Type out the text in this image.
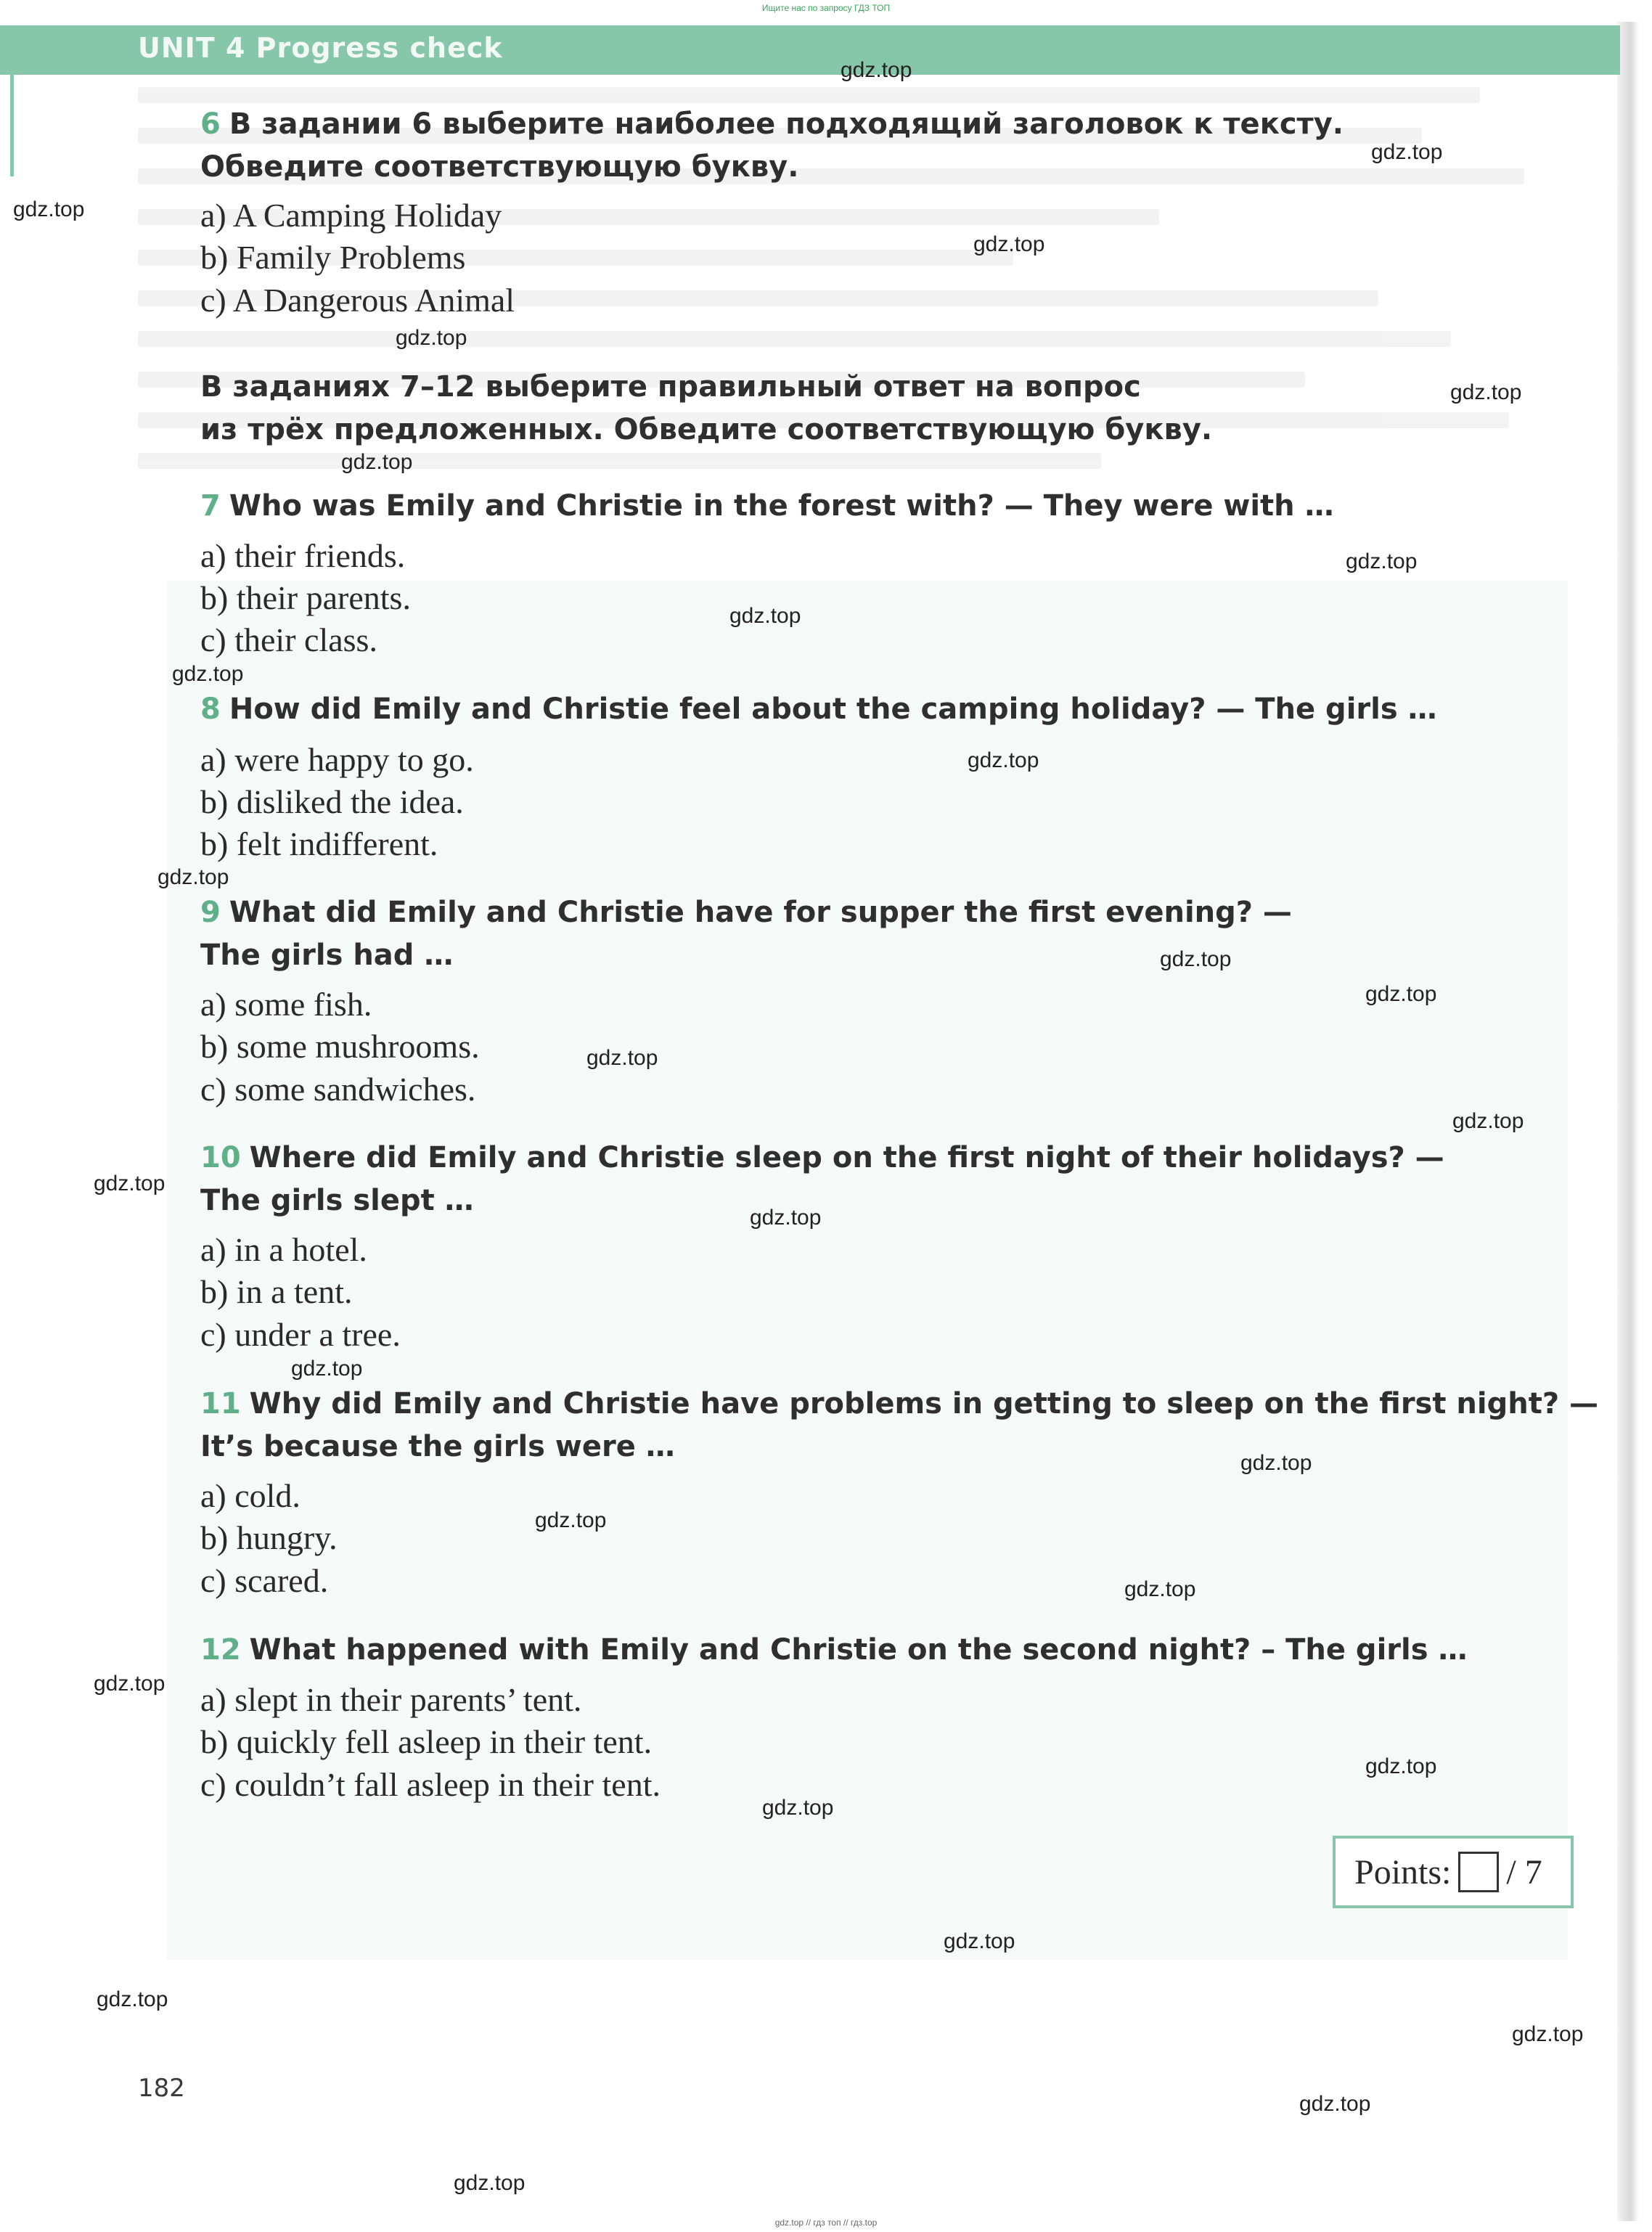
Ищите нас по запросу ГДЗ ТОП
UNIT 4 Progress check
6 В задании 6 выберите наиболее подходящий заголовок к тексту.
Обведите соответствующую букву.
a) A Camping Holiday
b) Family Problems
c) A Dangerous Animal
В заданиях 7–12 выберите правильный ответ на вопрос
из трёх предложенных. Обведите соответствующую букву.
7 Who was Emily and Christie in the forest with? — They were with …
a) their friends.
b) their parents.
c) their class.
8 How did Emily and Christie feel about the camping holiday? — The girls …
a) were happy to go.
b) disliked the idea.
b) felt indifferent.
9 What did Emily and Christie have for supper the first evening? —
The girls had …
a) some fish.
b) some mushrooms.
c) some sandwiches.
10 Where did Emily and Christie sleep on the first night of their holidays? —
The girls slept …
a) in a hotel.
b) in a tent.
c) under a tree.
11 Why did Emily and Christie have problems in getting to sleep on the first night? —
It’s because the girls were …
a) cold.
b) hungry.
c) scared.
12 What happened with Emily and Christie on the second night? – The girls …
a) slept in their parents’ tent.
b) quickly fell asleep in their tent.
c) couldn’t fall asleep in their tent.
Points: / 7
182
gdz.top
gdz.top
gdz.top
gdz.top
gdz.top
gdz.top
gdz.top
gdz.top
gdz.top
gdz.top
gdz.top
gdz.top
gdz.top
gdz.top
gdz.top
gdz.top
gdz.top
gdz.top
gdz.top
gdz.top
gdz.top
gdz.top
gdz.top
gdz.top
gdz.top
gdz.top
gdz.top
gdz.top
gdz.top
gdz.top
gdz.top // гдз топ // гдз.top
